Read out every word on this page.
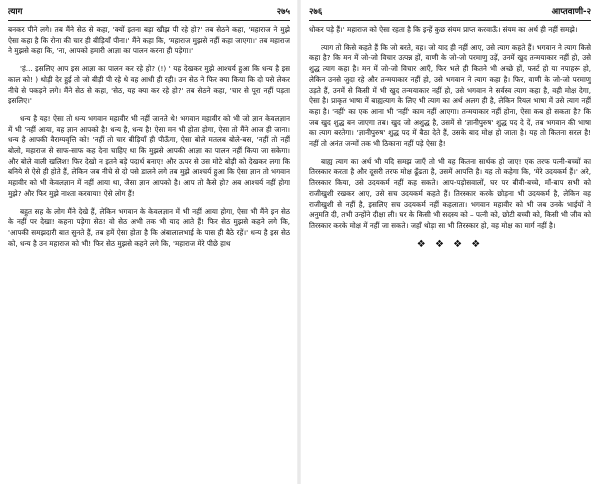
त्याग	२७५

बनकर पीने लगे। तब मैंने सेठ से कहा, 'क्यों इतना बड़ा खीझ पी रहे हो?' तब सेठने कहा, 'महाराज ने मुझे ऐसा कहा है कि रोना की चार ही बीड़ियाँ पीना।' मैंने कहा कि, 'महाराज मुझसे नहीं कहा जाएगा।' तब महाराज ने मुझसे कहा कि, 'ना, आपको हमारी आज्ञा का पालन करना ही पड़ेगा।'

'हं... इसलिए आप इस आज्ञा का पालन कर रहे हो? (!) ' यह देखकर मुझे आश्चर्य हुआ कि धन्य है इस काल को! ) थोड़ी देर हुई तो जो बीड़ी पी रहे थे वह आधी ही रही। उन सेठ ने फिर क्या किया कि दो पसे लेकर नीचे से पकड़ने लगे। मैंने सेठ से कहा, 'सेठ, यह क्या कर रहे हो?' तब सेठने कहा, 'चार से पूरा नहीं पड़ता इसलिए।'

धन्य है यह! ऐसा तो धन्य भगवान महावीर भी नहीं जानते थे! भगवान महावीर को भी जो ज्ञान केवलज्ञान में भी 'नहीं आया, वह ज्ञान आपको है! धन्य है, धन्य है! ऐसा मन भी होता होगा, ऐसा तो मैंने आज ही जाना। धन्य है आपकी वैराग्यवृत्ति को! 'नहीं तो चार बीड़ियाँ ही पीऊँगा, ऐसा बोले मतलब बोले-बस, 'नहीं तो नहीं बोलो, महाराज से साफ-साफ कह देना चाहिए था कि मुझसे आपकी आज्ञा का पालन नहीं किया जा सकेगा। और बोले वाली खलिश! फिर देखो न इतने बड़े पदार्थ बनाए! और ऊपर से उस मोटे बोड़ी को देखकर लगा कि बनिये से ऐसे ही होते हैं, लेकिन जब नीचे से दो पसे डालने लगे तब मुझे आश्चर्य हुआ कि ऐसा ज्ञान तो भगवान महावीर को भी केवलज्ञान में नहीं आया था, जैसा ज्ञान आपको है। आप तो कैसे हो? अब आश्चर्य नहीं होगा मुझे? और फिर मुझे नाश्ता करवाया! ऐसे लोग हैं!

बहुत सह के लोग मैंने देखे हैं, लेकिन भगवान के केवलज्ञान में भी नहीं आया होगा, ऐसा भी मैंने इन सेठ के नहीं पर देखा! कहना पड़ेगा सेठ! वो सेठ अभी तक भी याद आते हैं! फिर सेठ मुझसे कहने लगे कि, 'आपकी समझदारी बात सुनते हैं, तब हमें ऐसा होता है कि अंबालालभाई के पास ही बैठे रहें।' धन्य है इस सेठ को, धन्य है उन महाराज को भी! फिर सेठ मुझसे कहने लगे कि, 'महाराज मेरे पीछे हाथ

२७६	आप्तवाणी-२

धोकर पड़े हैं।' महाराज को ऐसा रहता है कि इन्हें कुछ संयम प्राप्त करवाऊँ। संयम का अर्थ ही नहीं समझे।

त्याग तो किसे कहते हैं कि जो बरते, वह। जो याद ही नहीं आए, उसे त्याग कहते हैं। भगवान ने त्याग किसे कहा है? कि मन में जो-जो विचार उत्पन्न हों, वाणी के जो-जो परमाणु उड़ें, उनमें खुद तन्मयाकार नहीं हो, उसे शुद्ध त्याग कहा है। मन में जो-जो विचार आएँ, फिर भले ही कितने भी अच्छे हों, फर्स्ट हो या नपाहरू हो, लेकिन उनसे जुदा रहे और तन्मयाकार नहीं हो, उसे भगवान ने त्याग कहा है। फिर, वाणी के जो-जो परमाणु उड़ते हैं, उनमें से किसी में भी खुद तन्मयाकार नहीं हो, उसे भगवान ने सर्वस्व त्याग कहा है, वही मोक्ष देगा, ऐसा है। प्राकृत भाषा में बाह्यत्याग के लिए भी त्याग का अर्थ अलग ही है, लेकिन रियल भाषा में उसे त्याग नहीं कहा है। 'नहीं' का एक आना भी 'नहीं' काम नहीं आएगा। तन्मयाकार नहीं होना, ऐसा कब हो सकता है? कि जब खुद शुद्ध बन जाएगा तब। खुद जो अशुद्ध है, उसमें से 'ज्ञानीपुरुष' शुद्ध पद दे दें, तब भगवान की भाषा का त्याग बरतेगा। 'ज्ञानीपुरुष' शुद्ध पद में बैठा देते हैं, उसके बाद मोक्ष हो जाता है। यह तो कितना सरल है! नहीं तो अनंत जन्मों तक भी ठिकाना नहीं पड़े ऐसा है!

बाह्य त्याग का अर्थ भी यदि समझ जाएँ तो भी वह कितना सार्थक हो जाए! एक तरफ पत्नी-बच्चों का तिरस्कार करता है और दूसरी तरफ मोक्ष ढूँढता है, उसमें आपत्ति है। यह तो कहेगा कि, 'मेरे उदयकर्म हैं।' अरे, तिरस्कार किया, उसे उदयकर्म नहीं कह सकते। आप-पड़ोसवालों, घर पर बीवी-बच्चे, माँ-बाप सभी को राजीखुशी रखकर आए, उसे सच उदयकर्म कहते हैं। तिरस्कार करके छोड़ना भी उदयकर्म है, लेकिन वह राजीखुशी से नहीं है, इसलिए सच उदयकर्म नहीं कहलाता। भगवान महावीर को भी जब उनके भाईयों ने अनुमति दी, तभी उन्होंने दीक्षा ली। घर के किसी भी सदस्य को – पत्नी को, छोटी बच्ची को, किसी भी जीव को तिरस्कार करके मोक्ष में नहीं जा सकते। जहाँ थोड़ा सा भी तिरस्कार हो, वह मोक्ष का मार्ग नहीं है।

❖ ❖ ❖ ❖
